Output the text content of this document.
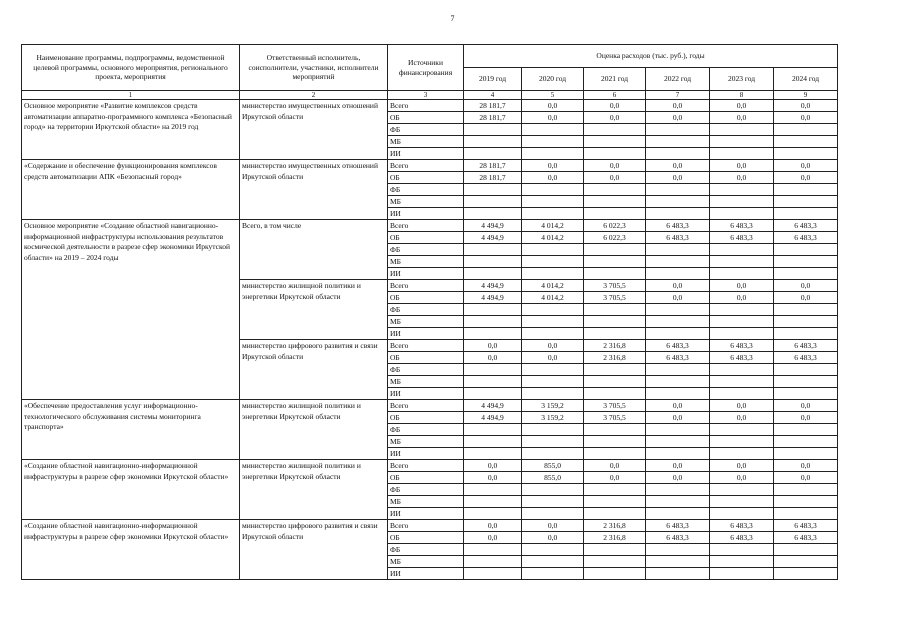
7
Наименование программы, подпрограммы, ведомственной целевой программы, основного мероприятия, регионального проекта, мероприятия	Ответственный исполнитель, соисполнители, участники, исполнители мероприятий	Источники финансирования	Оценка расходов (тыс. руб.), годы					
			2019 год	2020 год	2021 год	2022 год	2023 год	2024 год
1	2	3	4	5	6	7	8	9
Основное мероприятие «Развитие комплексов средств автоматизации аппаратно-программного комплекса «Безопасный город» на территории Иркутской области» на 2019 год	министерство имущественных отношений Иркутской области	Всего	28 181,7	0,0	0,0	0,0	0,0	0,0
		ОБ	28 181,7	0,0	0,0	0,0	0,0	0,0
		ФБ						
		МБ						
		ИИ						
«Содержание и обеспечение функционирования комплексов средств автоматизации АПК «Безопасный город»	министерство имущественных отношений Иркутской области	Всего	28 181,7	0,0	0,0	0,0	0,0	0,0
		ОБ	28 181,7	0,0	0,0	0,0	0,0	0,0
		ФБ						
		МБ						
		ИИ						
Основное мероприятие «Создание областной навигационно-информационной инфраструктуры использования результатов космической деятельности в разрезе сфер экономики Иркутской области» на 2019 – 2024 годы	Всего, в том числе	Всего	4 494,9	4 014,2	6 022,3	6 483,3	6 483,3	6 483,3
		ОБ	4 494,9	4 014,2	6 022,3	6 483,3	6 483,3	6 483,3
		ФБ						
		МБ						
		ИИ						
	министерство жилищной политики и энергетики Иркутской области	Всего	4 494,9	4 014,2	3 705,5	0,0	0,0	0,0
		ОБ	4 494,9	4 014,2	3 705,5	0,0	0,0	0,0
		ФБ						
		МБ						
		ИИ						
	министерство цифрового развития и связи Иркутской области	Всего	0,0	0,0	2 316,8	6 483,3	6 483,3	6 483,3
		ОБ	0,0	0,0	2 316,8	6 483,3	6 483,3	6 483,3
		ФБ						
		МБ						
		ИИ						
«Обеспечение предоставления услуг информационно-технологического обслуживания системы мониторинга транспорта»	министерство жилищной политики и энергетики Иркутской области	Всего	4 494,9	3 159,2	3 705,5	0,0	0,0	0,0
		ОБ	4 494,9	3 159,2	3 705,5	0,0	0,0	0,0
		ФБ						
		МБ						
		ИИ						
«Создание областной навигационно-информационной инфраструктуры в разрезе сфер экономики Иркутской области»	министерство жилищной политики и энергетики Иркутской области	Всего	0,0	855,0	0,0	0,0	0,0	0,0
		ОБ	0,0	855,0	0,0	0,0	0,0	0,0
		ФБ						
		МБ						
		ИИ						
«Создание областной навигационно-информационной инфраструктуры в разрезе сфер экономики Иркутской области»	министерство цифрового развития и связи Иркутской области	Всего	0,0	0,0	2 316,8	6 483,3	6 483,3	6 483,3
		ОБ	0,0	0,0	2 316,8	6 483,3	6 483,3	6 483,3
		ФБ						
		МБ						
		ИИ						
